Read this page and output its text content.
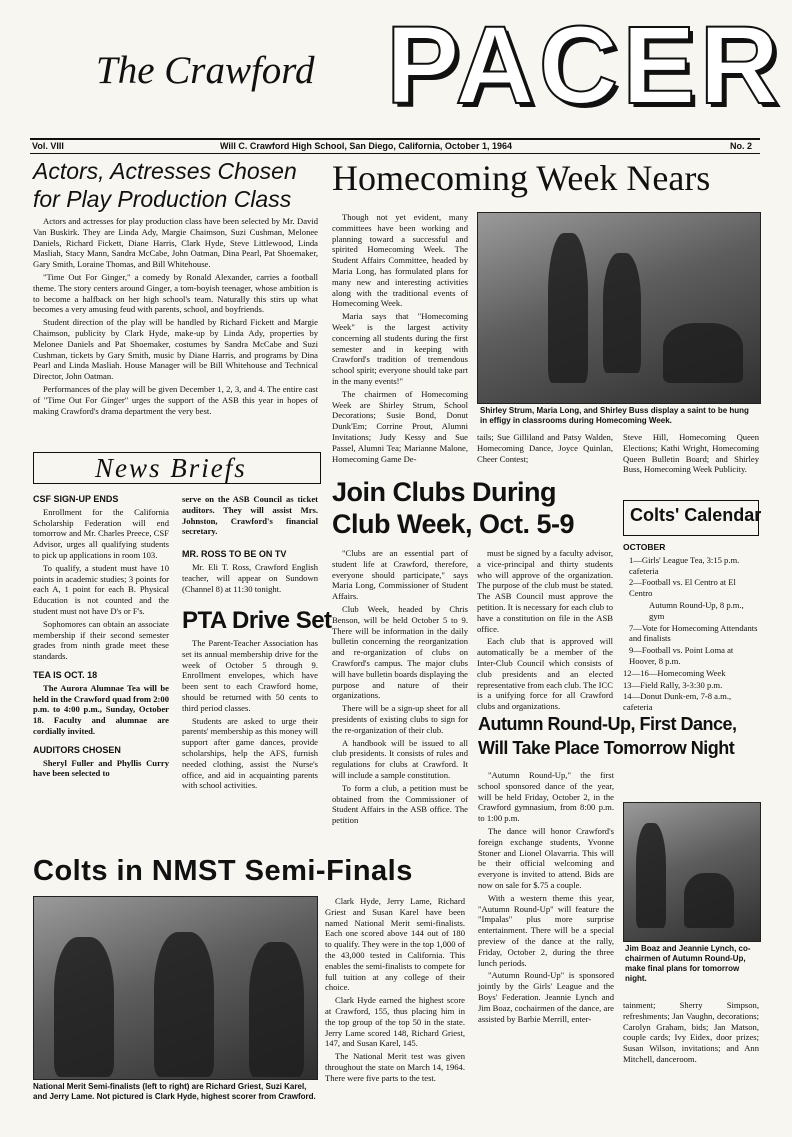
The Crawford PACER
Vol. VIII	Will C. Crawford High School, San Diego, California, October 1, 1964	No. 2
Actors, Actresses Chosen for Play Production Class

Actors and actresses for play production class have been selected by Mr. David Van Buskirk. They are Linda Ady, Margie Chaimson, Suzi Cushman, Melonee Daniels, Richard Fickett, Diane Harris, Clark Hyde, Steve Littlewood, Linda Masliah, Stacy Mann, Sandra McCabe, John Oatman, Dina Pearl, Pat Shoemaker, Gary Smith, Loraine Thomas, and Bill Whitehouse.

"Time Out For Ginger," a comedy by Ronald Alexander, carries a football theme. The story centers around Ginger, a tom-boyish teenager, whose ambition is to become a halfback on her high school's team. Naturally this stirs up what becomes a very amusing feud with parents, school, and boyfriends.

Student direction of the play will be handled by Richard Fickett and Margie Chaimson, publicity by Clark Hyde, make-up by Linda Ady, properties by Melonee Daniels and Pat Shoemaker, costumes by Sandra McCabe and Suzi Cushman, tickets by Gary Smith, music by Diane Harris, and programs by Dina Pearl and Linda Masliah. House Manager will be Bill Whitehouse and Technical Director, John Oatman.

Performances of the play will be given December 1, 2, 3, and 4. The entire cast of "Time Out For Ginger" urges the support of the ASB this year in hopes of making Crawford's drama department the very best.

Homecoming Week Nears

Though not yet evident, many committees have been working and planning toward a successful and spirited Homecoming Week. The Student Affairs Committee, headed by Maria Long, has formulated plans for many new and interesting activities along with the traditional events of Homecoming Week.

Maria says that "Homecoming Week" is the largest activity concerning all students during the first semester and in keeping with Crawford's tradition of tremendous school spirit; everyone should take part in the many events!"

The chairmen of Homecoming Week are Shirley Strum, School Decorations; Susie Bond, Donut Dunk'Em; Corrine Prout, Alumni Invitations; Judy Kessy and Sue Passel, Alumni Tea; Marianne Malone, Homecoming Game De-

Shirley Strum, Maria Long, and Shirley Buss display a saint to be hung in effigy in classrooms during Homecoming Week.
tails; Sue Gilliland and Patsy Walden, Homecoming Dance, Joyce Quinlan, Cheer Contest;
Steve Hill, Homecoming Queen Elections; Kathi Wright, Homecoming Queen Bulletin Board; and Shirley Buss, Homecoming Week Publicity.
News Briefs
CSF SIGN-UP ENDS

Enrollment for the California Scholarship Federation will end tomorrow and Mr. Charles Preece, CSF Advisor, urges all qualifying students to pick up applications in room 103.

To qualify, a student must have 10 points in academic studies; 3 points for each A, 1 point for each B. Physical Education is not counted and the student must not have D's or F's.

Sophomores can obtain an associate membership if their second semester grades from ninth grade meet these standards.

TEA IS OCT. 18

The Aurora Alumnae Tea will be held in the Crawford quad from 2:00 p.m. to 4:00 p.m., Sunday, October 18. Faculty and alumnae are cordially invited.

AUDITORS CHOSEN

Sheryl Fuller and Phyllis Curry have been selected to

serve on the ASB Council as ticket auditors. They will assist Mrs. Johnston, Crawford's financial secretary.

MR. ROSS TO BE ON TV

Mr. Eli T. Ross, Crawford English teacher, will appear on Sundown (Channel 8) at 11:30 tonight.

PTA Drive Set

The Parent-Teacher Association has set its annual membership drive for the week of October 5 through 9. Enrollment envelopes, which have been sent to each Crawford home, should be returned with 50 cents to third period classes.

Students are asked to urge their parents' membership as this money will support after game dances, provide scholarships, help the AFS, furnish needed clothing, assist the Nurse's office, and aid in acquainting parents with school activities.

Join Clubs During Club Week, Oct. 5-9

"Clubs are an essential part of student life at Crawford, therefore, everyone should participate," says Maria Long, Commissioner of Student Affairs.

Club Week, headed by Chris Benson, will be held October 5 to 9. There will be information in the daily bulletin concerning the reorganization and re-organization of clubs on Crawford's campus. The major clubs will have bulletin boards displaying the purpose and nature of their organizations.

There will be a sign-up sheet for all presidents of existing clubs to sign for the re-organization of their club.

A handbook will be issued to all club presidents. It consists of rules and regulations for clubs at Crawford. It will include a sample constitution.

To form a club, a petition must be obtained from the Commissioner of Student Affairs in the ASB office. The petition

must be signed by a faculty advisor, a vice-principal and thirty students who will approve of the organization. The purpose of the club must be stated. The ASB Council must approve the petition. It is necessary for each club to have a constitution on file in the ASB office.

Each club that is approved will automatically be a member of the Inter-Club Council which consists of club presidents and an elected representative from each club. The ICC is a unifying force for all Crawford clubs and organizations.

Colts' Calendar
OCTOBER
1—Girls' League Tea, 3:15 p.m. cafeteria
2—Football vs. El Centro at El Centro
Autumn Round-Up, 8 p.m., gym
7—Vote for Homecoming Attendants and finalists
9—Football vs. Point Loma at Hoover, 8 p.m.
12—16—Homecoming Week
13—Field Rally, 3-3:30 p.m.
14—Donut Dunk-em, 7-8 a.m., cafeteria
Autumn Round-Up, First Dance, Will Take Place Tomorrow Night

"Autumn Round-Up," the first school sponsored dance of the year, will be held Friday, October 2, in the Crawford gymnasium, from 8:00 p.m. to 1:00 p.m.

The dance will honor Crawford's foreign exchange students, Yvonne Stoner and Lionel Olavarria. This will be their official welcoming and everyone is invited to attend. Bids are now on sale for $.75 a couple.

With a western theme this year, "Autumn Round-Up" will feature the "Impalas" plus more surprise entertainment. There will be a special preview of the dance at the rally, Friday, October 2, during the three lunch periods.

"Autumn Round-Up" is sponsored jointly by the Girls' League and the Boys' Federation. Jeannie Lynch and Jim Boaz, cochairmen of the dance, are assisted by Barbie Merrill, enter-

Jim Boaz and Jeannie Lynch, co-chairmen of Autumn Round-Up, make final plans for tomorrow night.
tainment; Sherry Simpson, refreshments; Jan Vaughn, decorations; Carolyn Graham, bids; Jan Matson, couple cards; Ivy Eidex, door prizes; Susan Wilson, invitations; and Ann Mitchell, danceroom.
Colts in NMST Semi-Finals
National Merit Semi-finalists (left to right) are Richard Griest, Suzi Karel, and Jerry Lame. Not pictured is Clark Hyde, highest scorer from Crawford.

Clark Hyde, Jerry Lame, Richard Griest and Susan Karel have been named National Merit semi-finalists. Each one scored above 144 out of 180 to qualify. They were in the top 1,000 of the 43,000 tested in California. This enables the semi-finalists to compete for full tuition at any college of their choice.

Clark Hyde earned the highest score at Crawford, 155, thus placing him in the top group of the top 50 in the state. Jerry Lame scored 148, Richard Griest, 147, and Susan Karel, 145.

The National Merit test was given throughout the state on March 14, 1964. There were five parts to the test.
